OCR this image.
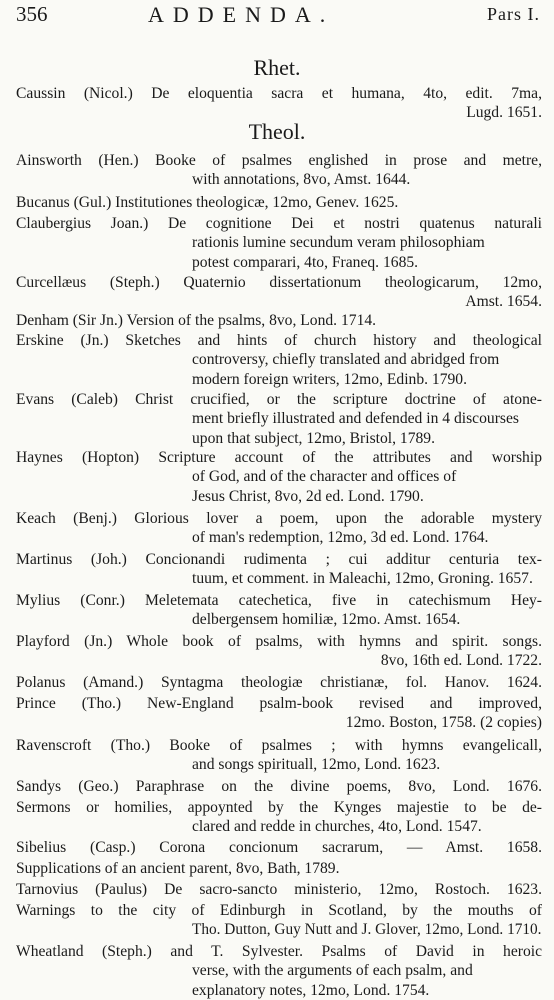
356	ADDENDA.	Pars I.
Rhet.
Theol.
Caussin (Nicol.) De eloquentia sacra et humana, 4to, edit. 7ma,
Lugd. 1651.
Ainsworth (Hen.) Booke of psalmes englished in prose and metre,
with annotations, 8vo, Amst. 1644.
Bucanus (Gul.) Institutiones theologicæ, 12mo, Genev. 1625.
Claubergius Joan.) De cognitione Dei et nostri quatenus naturali
rationis lumine secundum veram philosophiam
potest comparari, 4to, Franeq. 1685.
Curcellæus (Steph.) Quaternio dissertationum theologicarum, 12mo,
Amst. 1654.
Denham (Sir Jn.) Version of the psalms, 8vo, Lond. 1714.
Erskine (Jn.) Sketches and hints of church history and theological
controversy, chiefly translated and abridged from
modern foreign writers, 12mo, Edinb. 1790.
Evans (Caleb) Christ crucified, or the scripture doctrine of atone-
ment briefly illustrated and defended in 4 discourses
upon that subject, 12mo, Bristol, 1789.
Haynes (Hopton) Scripture account of the attributes and worship
of God, and of the character and offices of
Jesus Christ, 8vo, 2d ed. Lond. 1790.
Keach (Benj.) Glorious lover a poem, upon the adorable mystery
of man's redemption, 12mo, 3d ed. Lond. 1764.
Martinus (Joh.) Concionandi rudimenta ; cui additur centuria tex-
tuum, et comment. in Maleachi, 12mo, Groning. 1657.
Mylius (Conr.) Meletemata catechetica, five in catechismum Hey-
delbergensem homiliæ, 12mo. Amst. 1654.
Playford (Jn.) Whole book of psalms, with hymns and spirit. songs.
8vo, 16th ed. Lond. 1722.
Polanus (Amand.) Syntagma theologiæ christianæ, fol. Hanov. 1624.
Prince (Tho.) New-England psalm-book revised and improved,
12mo. Boston, 1758. (2 copies)
Ravenscroft (Tho.) Booke of psalmes ; with hymns evangelicall,
and songs spirituall, 12mo, Lond. 1623.
Sandys (Geo.) Paraphrase on the divine poems, 8vo, Lond. 1676.
Sermons or homilies, appoynted by the Kynges majestie to be de-
clared and redde in churches, 4to, Lond. 1547.
Sibelius (Casp.) Corona concionum sacrarum, — Amst. 1658.
Supplications of an ancient parent, 8vo, Bath, 1789.
Tarnovius (Paulus) De sacro-sancto ministerio, 12mo, Rostoch. 1623.
Warnings to the city of Edinburgh in Scotland, by the mouths of
Tho. Dutton, Guy Nutt and J. Glover, 12mo, Lond. 1710.
Wheatland (Steph.) and T. Sylvester. Psalms of David in heroic
verse, with the arguments of each psalm, and
explanatory notes, 12mo, Lond. 1754.
